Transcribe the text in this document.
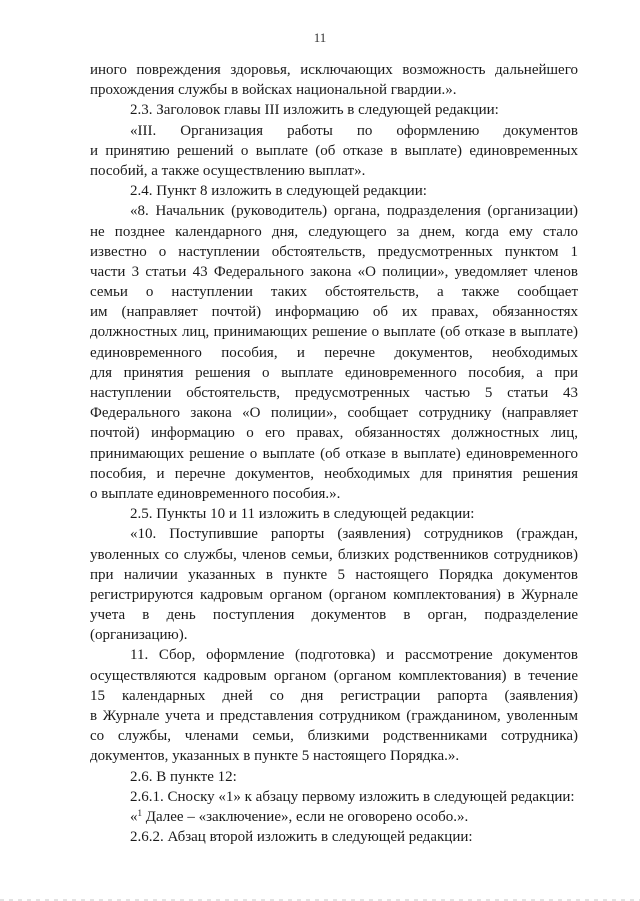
11
иного повреждения здоровья, исключающих возможность дальнейшего
прохождения службы в войсках национальной гвардии.».
2.3. Заголовок главы III изложить в следующей редакции:
«III. Организация работы по оформлению документов
и принятию решений о выплате (об отказе в выплате) единовременных
пособий, а также осуществлению выплат».
2.4. Пункт 8 изложить в следующей редакции:
«8. Начальник (руководитель) органа, подразделения (организации)
не позднее календарного дня, следующего за днем, когда ему стало
известно о наступлении обстоятельств, предусмотренных пунктом 1
части 3 статьи 43 Федерального закона «О полиции», уведомляет членов
семьи о наступлении таких обстоятельств, а также сообщает
им (направляет почтой) информацию об их правах, обязанностях
должностных лиц, принимающих решение о выплате (об отказе в выплате)
единовременного пособия, и перечне документов, необходимых
для принятия решения о выплате единовременного пособия, а при
наступлении обстоятельств, предусмотренных частью 5 статьи 43
Федерального закона «О полиции», сообщает сотруднику (направляет
почтой) информацию о его правах, обязанностях должностных лиц,
принимающих решение о выплате (об отказе в выплате) единовременного
пособия, и перечне документов, необходимых для принятия решения
о выплате единовременного пособия.».
2.5. Пункты 10 и 11 изложить в следующей редакции:
«10. Поступившие рапорты (заявления) сотрудников (граждан,
уволенных со службы, членов семьи, близких родственников сотрудников)
при наличии указанных в пункте 5 настоящего Порядка документов
регистрируются кадровым органом (органом комплектования) в Журнале
учета в день поступления документов в орган, подразделение
(организацию).
11. Сбор, оформление (подготовка) и рассмотрение документов
осуществляются кадровым органом (органом комплектования) в течение
15 календарных дней со дня регистрации рапорта (заявления)
в Журнале учета и представления сотрудником (гражданином, уволенным
со службы, членами семьи, близкими родственниками сотрудника)
документов, указанных в пункте 5 настоящего Порядка.».
2.6. В пункте 12:
2.6.1. Сноску «1» к абзацу первому изложить в следующей редакции:
«$^1$ Далее – «заключение», если не оговорено особо.».
2.6.2. Абзац второй изложить в следующей редакции:
